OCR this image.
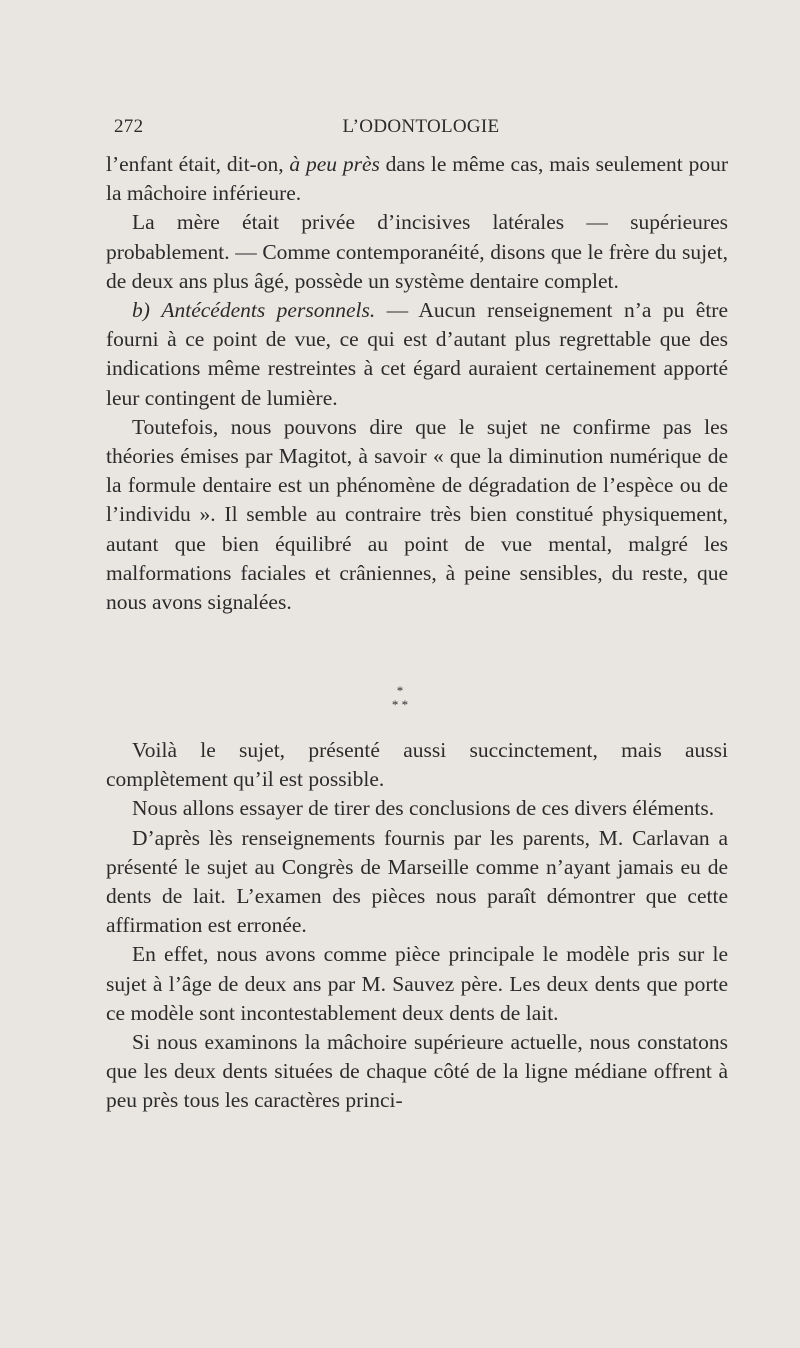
272	L’ODONTOLOGIE

l’enfant était, dit-on, à peu près dans le même cas, mais seulement pour la mâchoire inférieure.

La mère était privée d’incisives latérales — supérieures probablement. — Comme contemporanéité, disons que le frère du sujet, de deux ans plus âgé, possède un système dentaire complet.

b) Antécédents personnels. — Aucun renseignement n’a pu être fourni à ce point de vue, ce qui est d’autant plus regrettable que des indications même restreintes à cet égard auraient certainement apporté leur contingent de lumière.

Toutefois, nous pouvons dire que le sujet ne confirme pas les théories émises par Magitot, à savoir « que la diminution numérique de la formule dentaire est un phénomène de dégradation de l’espèce ou de l’individu ». Il semble au contraire très bien constitué physiquement, autant que bien équilibré au point de vue mental, malgré les malformations faciales et crâniennes, à peine sensibles, du reste, que nous avons signalées.

*
* *

Voilà le sujet, présenté aussi succinctement, mais aussi complètement qu’il est possible.

Nous allons essayer de tirer des conclusions de ces divers éléments.

D’après lès renseignements fournis par les parents, M. Carlavan a présenté le sujet au Congrès de Marseille comme n’ayant jamais eu de dents de lait. L’examen des pièces nous paraît démontrer que cette affirmation est erronée.

En effet, nous avons comme pièce principale le modèle pris sur le sujet à l’âge de deux ans par M. Sauvez père. Les deux dents que porte ce modèle sont incontestablement deux dents de lait.

Si nous examinons la mâchoire supérieure actuelle, nous constatons que les deux dents situées de chaque côté de la ligne médiane offrent à peu près tous les caractères princi-
